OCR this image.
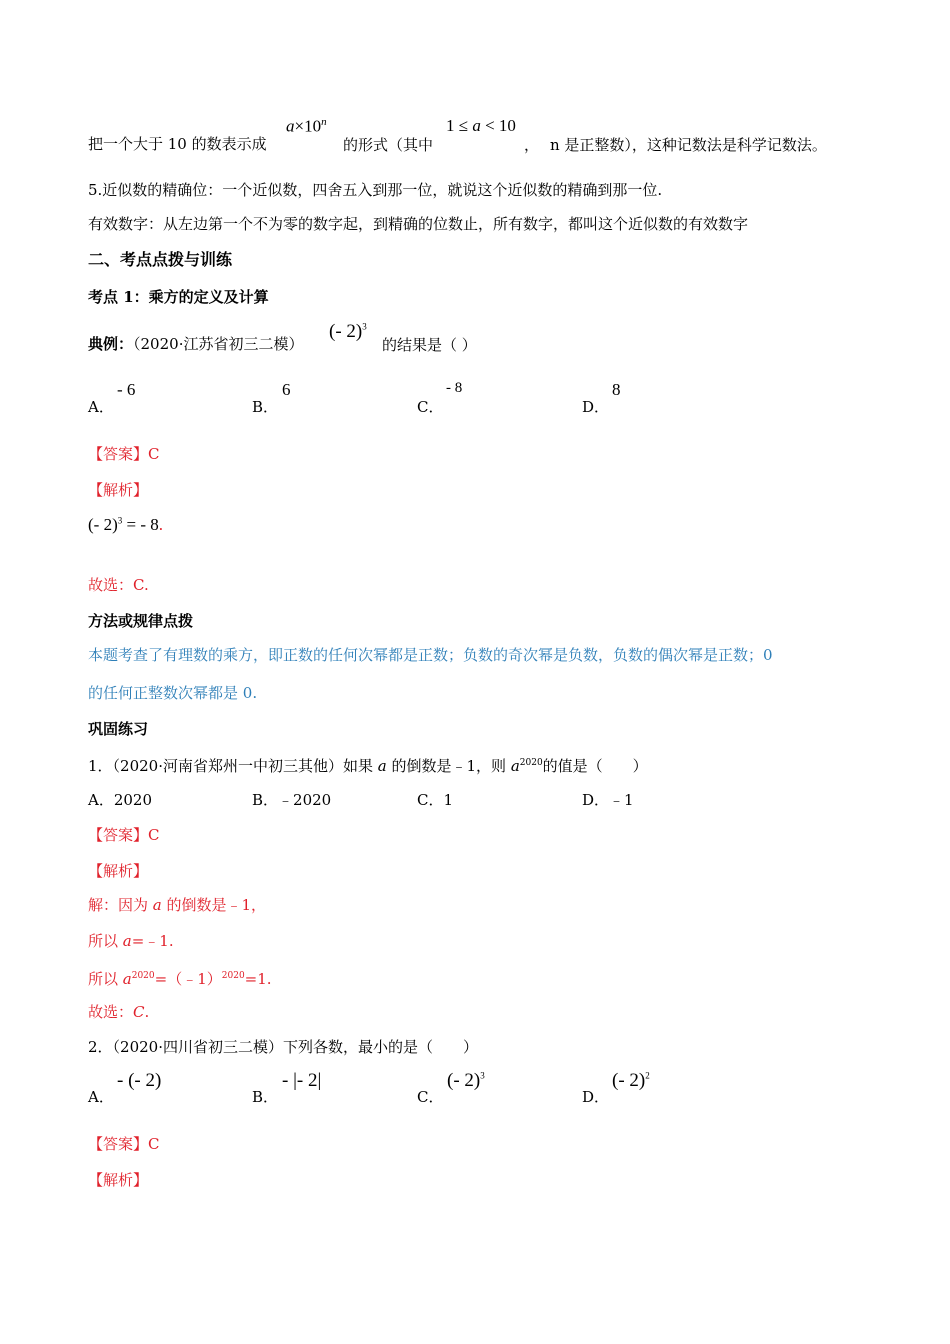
把一个大于 10 的数表示成
$a\times 10^n$
的形式（其中
1 ≤ a < 10
， n 是正整数），这种记数法是科学记数法。
5.近似数的精确位：一个近似数，四舍五入到那一位，就说这个近似数的精确到那一位.
有效数字：从左边第一个不为零的数字起，到精确的位数止，所有数字，都叫这个近似数的有效数字
二、考点点拨与训练
考点 1：乘方的定义及计算
典例：（2020·江苏省初三二模）
(- 2)$^3$
的结果是（ ）
A．
- 6
B．
6
C．
- 8
D．
8
【答案】C
【解析】
(- 2)$^3$ = - 8.
故选：C.
方法或规律点拨
本题考查了有理数的乘方，即正数的任何次幂都是正数；负数的奇次幂是负数，负数的偶次幂是正数；0
的任何正整数次幂都是 0.
巩固练习
1．（2020·河南省郑州一中初三其他）如果 a 的倒数是﹣1，则 $a^{2020}$的值是（　　）
A．2020	B．﹣2020	C．1	D．﹣1
【答案】C
【解析】
解：因为 a 的倒数是﹣1，
所以 a=﹣1.
所以 $a^{2020}=(﹣1)^{2020}=1$.
故选：C.
2．（2020·四川省初三二模）下列各数，最小的是（　　）
A．
- (- 2)
B．
- |- 2|
C．
(- 2)$^3$
D．
(- 2)$^2$
【答案】C
【解析】
